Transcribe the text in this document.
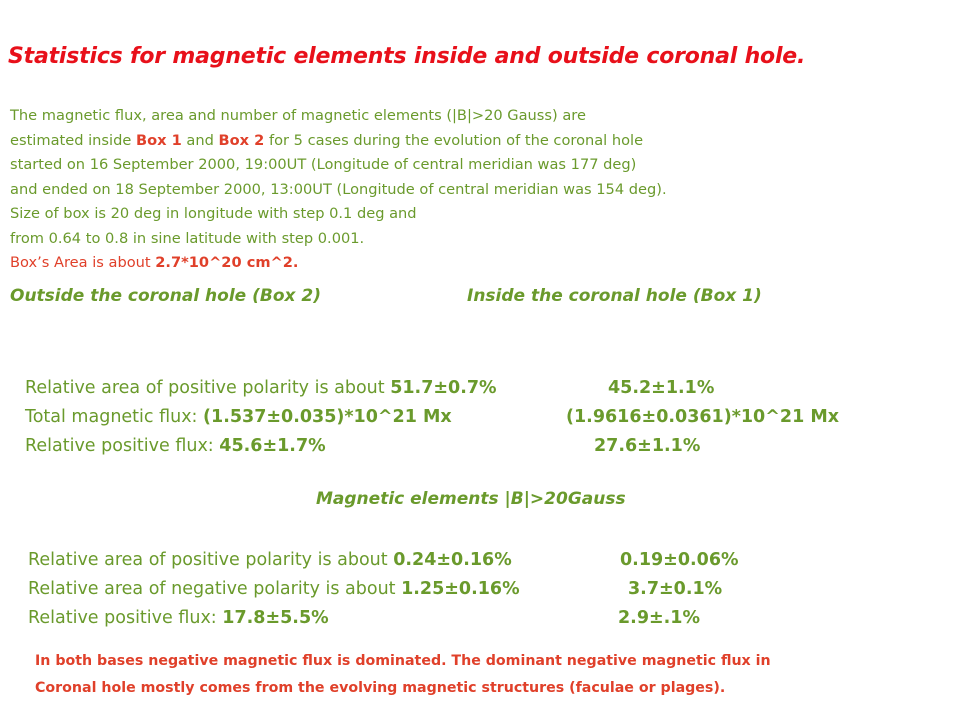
Statistics for magnetic elements inside and outside coronal hole.
The magnetic flux, area and number of magnetic elements (|B|>20 Gauss) are
estimated inside Box 1 and Box 2 for 5 cases during the evolution of the coronal hole
started on 16 September 2000, 19:00UT (Longitude of central meridian was 177 deg)
and ended on 18 September 2000, 13:00UT (Longitude of central meridian was 154 deg).
Size of box is 20 deg in longitude with step 0.1 deg and
from 0.64 to 0.8 in sine latitude with step 0.001.
Box’s Area is about 2.7*10^20 cm^2.
Outside the coronal hole (Box 2)	Inside the coronal hole (Box 1)
Relative area of positive polarity is about 51.7±0.7%	45.2±1.1%
Total magnetic flux: (1.537±0.035)*10^21 Mx	(1.9616±0.0361)*10^21 Mx
Relative positive flux: 45.6±1.7%	27.6±1.1%
Magnetic elements |B|>20Gauss
Relative area of positive polarity is about 0.24±0.16%	0.19±0.06%
Relative area of negative polarity is about 1.25±0.16%	3.7±0.1%
Relative positive flux: 17.8±5.5%	2.9±.1%
In both bases negative magnetic flux is dominated. The dominant negative magnetic flux in
Coronal hole mostly comes from the evolving magnetic structures (faculae or plages).
